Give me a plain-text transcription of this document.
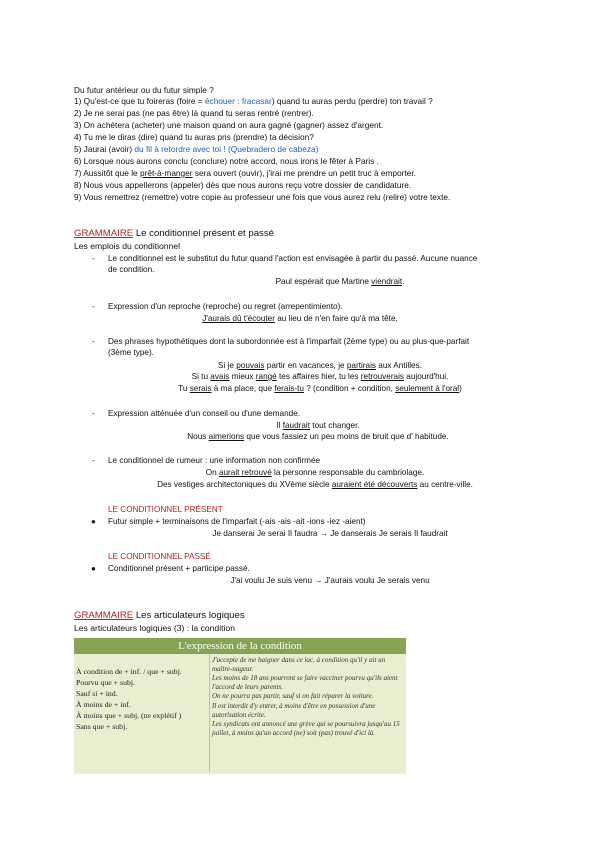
Du futur antérieur ou du futur simple ?
1) Qu'est-ce que tu foireras (foire = échouer : fracasar) quand tu auras perdu (perdre) ton travail ?
2) Je ne serai pas (ne pas être) là quand tu seras rentré (rentrer).
3) On achètera (acheter) une maison quand on aura gagné (gagner) assez d'argent.
4) Tu me le diras (dire) quand tu auras pris (prendre) ta décision?
5) Jaurai (avoir) du fil à retordre avec toi ! (Quebradero de cabeza)
6) Lorsque nous aurons conclu (conclure) notre accord, nous irons le fêter à Paris .
7) Aussitôt que le prêt-à-manger sera ouvert (ouvir), j'irai me prendre un petit truc à emporter.
8) Nous vous appellerons (appeler) dès que nous aurons reçu votre dossier de candidature.
9) Vous remettrez (remettre) votre copie au professeur une fois que vous aurez relu (relire) votre texte.
GRAMMAIRE Le conditionnel présent et passé
Les emplois du conditionnel
- Le conditionnel est le substitut du futur quand l'action est envisagée à partir du passé. Aucune nuance
de condition.
Paul espérait que Martine viendrait.
- Expression d'un reproche (reproche) ou regret (arrepentimiento).
J'aurais dû t'écouter au lieu de n'en faire qu'à ma tête.
- Des phrases hypothétiques dont la subordonnée est à l'imparfait (2ème type) ou au plus-que-parfait
(3ème type).
Si je pouvais partir en vacances, je partirais aux Antilles.
Si tu avais mieux rangé tes affaires hier, tu les retrouverais aujourd'hui.
Tu serais à ma place, que ferais-tu ? (condition + condition, seulement à l'oral)
- Expression atténuée d'un conseil ou d'une demande.
Il faudrait tout changer.
Nous aimerions que vous fassiez un peu moins de bruit que d' habitude.
- Le conditionnel de rumeur : une information non confirmée
On aurait retrouvé la personne responsable du cambriolage.
Des vestiges architectoniques du XVème siècle auraient été découverts au centre-ville.
LE CONDITIONNEL PRÉSENT
● Futur simple + terminaisons de l'imparfait (-ais -ais -ait -ions -iez -aient)
Je danserai Je serai Il faudra → Je danserais Je serais Il faudrait
LE CONDITIONNEL PASSÉ
● Conditionnel présent + participe passé.
J'ai voulu Je suis venu → J'aurais voulu Je serais venu
GRAMMAIRE Les articulateurs logiques
Les articulateurs logiques (3) : la condition
L'expression de la condition
À condition de + inf. / que + subj.
Pourvu que + subj.
Sauf si + ind.
À moins de + inf.
À moins que + subj. (ne explétif )
Sans que + subj.
J'accepte de me baigner dans ce lac, à condition qu'il y ait un maître-nageur.
Les moins de 18 ans pourront se faire vacciner pourvu qu'ils aient l'accord de leurs parents.
On ne pourra pas partir, sauf si on fait réparer la voiture.
Il est interdit d'y entrer, à moins d'être en possession d'une autorisation écrite.
Les syndicats ont annoncé une grève qui se poursuivra jusqu'au 15 juillet, à moins qu'un accord (ne) soit (pas) trouvé d'ici là.
